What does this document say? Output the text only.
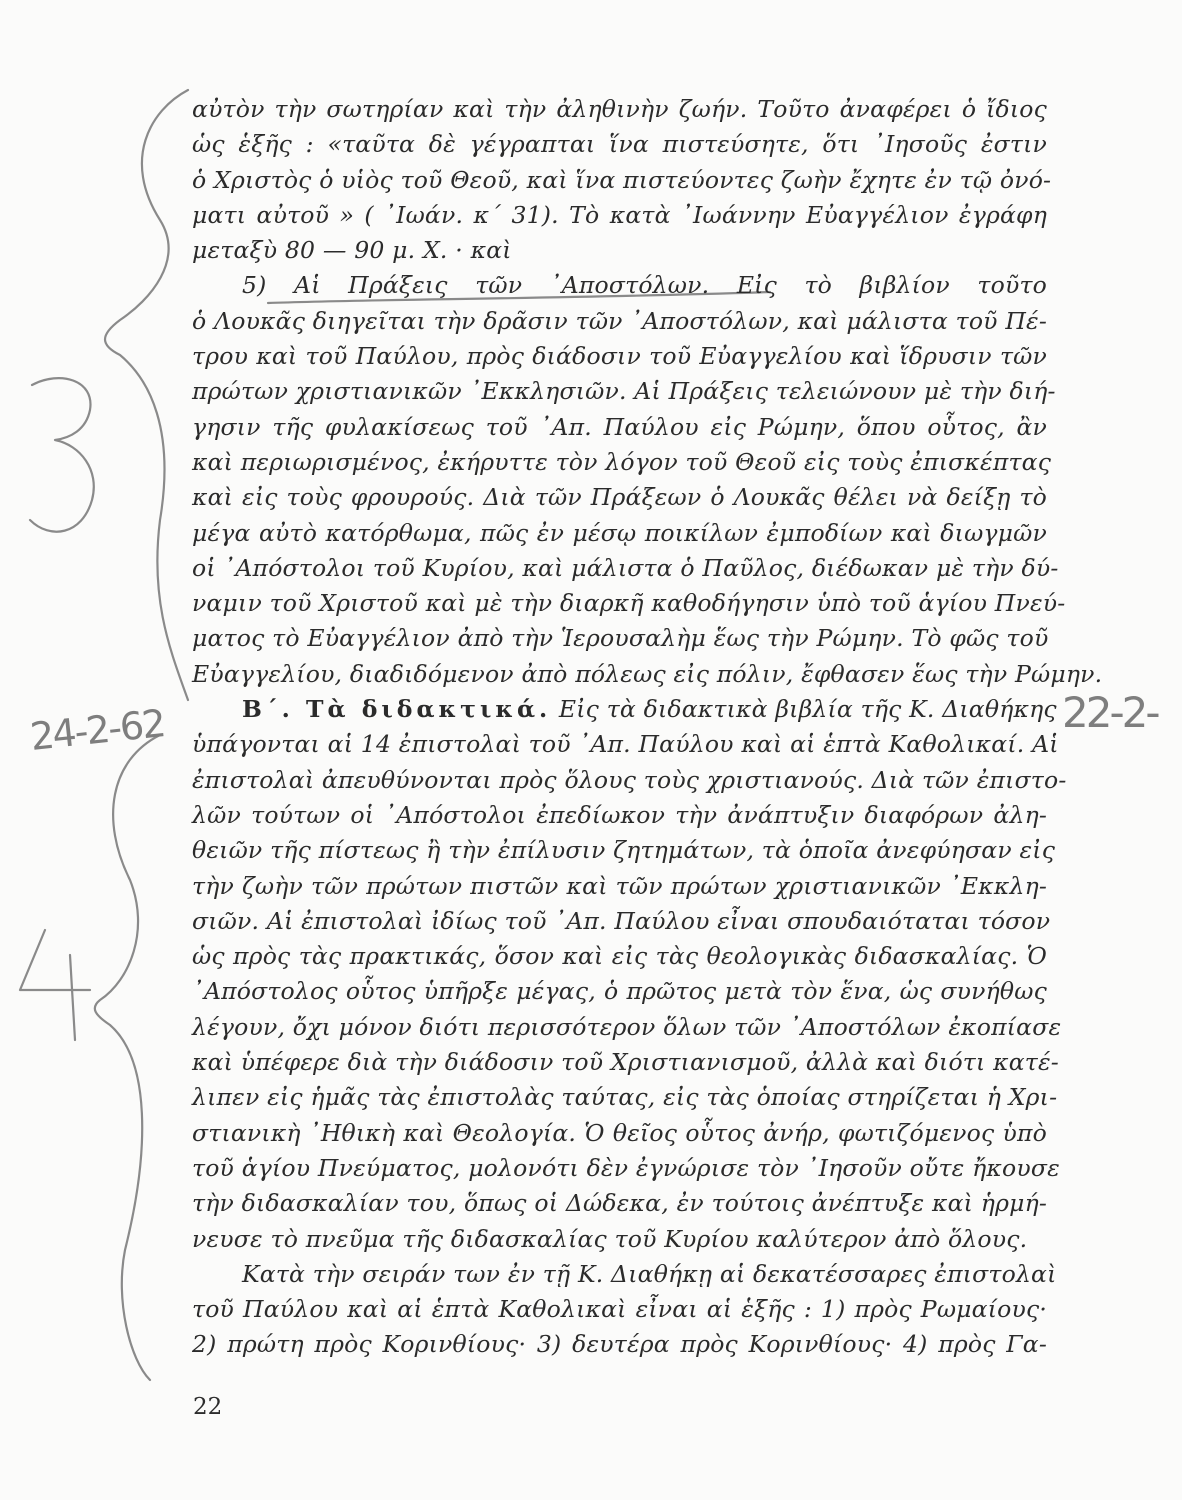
24-2-62	22-2-
αὐτὸν τὴν σωτηρίαν καὶ τὴν ἀληθινὴν ζωήν. Τοῦτο ἀναφέρει ὁ ἴδιος
ὡς ἑξῆς : «ταῦτα δὲ γέγραπται ἵνα πιστεύσητε, ὅτι ᾿Ιησοῦς ἐστιν
ὁ Χριστὸς ὁ υἱὸς τοῦ Θεοῦ, καὶ ἵνα πιστεύοντες ζωὴν ἔχητε ἐν τῷ ὀνό-
ματι αὐτοῦ » ( ᾿Ιωάν. κ΄ 31). Τὸ κατὰ ᾿Ιωάννην Εὐαγγέλιον ἐγράφη
μεταξὺ 80 — 90 μ. Χ. · καὶ
5) Αἱ Πράξεις τῶν ᾿Αποστόλων. Εἰς τὸ βιβλίον τοῦτο
ὁ Λουκᾶς διηγεῖται τὴν δρᾶσιν τῶν ᾿Αποστόλων, καὶ μάλιστα τοῦ Πέ-
τρου καὶ τοῦ Παύλου, πρὸς διάδοσιν τοῦ Εὐαγγελίου καὶ ἵδρυσιν τῶν
πρώτων χριστιανικῶν ᾿Εκκλησιῶν. Αἱ Πράξεις τελειώνουν μὲ τὴν διή-
γησιν τῆς φυλακίσεως τοῦ ᾿Απ. Παύλου εἰς Ρώμην, ὅπου οὗτος, ἂν
καὶ περιωρισμένος, ἐκήρυττε τὸν λόγον τοῦ Θεοῦ εἰς τοὺς ἐπισκέπτας
καὶ εἰς τοὺς φρουρούς. Διὰ τῶν Πράξεων ὁ Λουκᾶς θέλει νὰ δείξῃ τὸ
μέγα αὐτὸ κατόρθωμα, πῶς ἐν μέσῳ ποικίλων ἐμποδίων καὶ διωγμῶν
οἱ ᾿Απόστολοι τοῦ Κυρίου, καὶ μάλιστα ὁ Παῦλος, διέδωκαν μὲ τὴν δύ-
ναμιν τοῦ Χριστοῦ καὶ μὲ τὴν διαρκῆ καθοδήγησιν ὑπὸ τοῦ ἁγίου Πνεύ-
ματος τὸ Εὐαγγέλιον ἀπὸ τὴν Ἱερουσαλὴμ ἕως τὴν Ρώμην. Τὸ φῶς τοῦ
Εὐαγγελίου, διαδιδόμενον ἀπὸ πόλεως εἰς πόλιν, ἔφθασεν ἕως τὴν Ρώμην.
Β΄. Τὰ διδακτικά. Εἰς τὰ διδακτικὰ βιβλία τῆς Κ. Διαθήκης
ὑπάγονται αἱ 14 ἐπιστολαὶ τοῦ ᾿Απ. Παύλου καὶ αἱ ἑπτὰ Καθολικαί. Αἱ
ἐπιστολαὶ ἀπευθύνονται πρὸς ὅλους τοὺς χριστιανούς. Διὰ τῶν ἐπιστο-
λῶν τούτων οἱ ᾿Απόστολοι ἐπεδίωκον τὴν ἀνάπτυξιν διαφόρων ἀλη-
θειῶν τῆς πίστεως ἢ τὴν ἐπίλυσιν ζητημάτων, τὰ ὁποῖα ἀνεφύησαν εἰς
τὴν ζωὴν τῶν πρώτων πιστῶν καὶ τῶν πρώτων χριστιανικῶν ᾿Εκκλη-
σιῶν. Αἱ ἐπιστολαὶ ἰδίως τοῦ ᾿Απ. Παύλου εἶναι σπουδαιόταται τόσον
ὡς πρὸς τὰς πρακτικάς, ὅσον καὶ εἰς τὰς θεολογικὰς διδασκαλίας. Ὁ
᾿Απόστολος οὗτος ὑπῆρξε μέγας, ὁ πρῶτος μετὰ τὸν ἕνα, ὡς συνήθως
λέγουν, ὄχι μόνον διότι περισσότερον ὅλων τῶν ᾿Αποστόλων ἐκοπίασε
καὶ ὑπέφερε διὰ τὴν διάδοσιν τοῦ Χριστιανισμοῦ, ἀλλὰ καὶ διότι κατέ-
λιπεν εἰς ἡμᾶς τὰς ἐπιστολὰς ταύτας, εἰς τὰς ὁποίας στηρίζεται ἡ Χρι-
στιανικὴ ᾿Ηθικὴ καὶ Θεολογία. Ὁ θεῖος οὗτος ἀνήρ, φωτιζόμενος ὑπὸ
τοῦ ἁγίου Πνεύματος, μολονότι δὲν ἐγνώρισε τὸν ᾿Ιησοῦν οὔτε ἤκουσε
τὴν διδασκαλίαν του, ὅπως οἱ Δώδεκα, ἐν τούτοις ἀνέπτυξε καὶ ἡρμή-
νευσε τὸ πνεῦμα τῆς διδασκαλίας τοῦ Κυρίου καλύτερον ἀπὸ ὅλους.
Κατὰ τὴν σειράν των ἐν τῇ Κ. Διαθήκῃ αἱ δεκατέσσαρες ἐπιστολαὶ
τοῦ Παύλου καὶ αἱ ἑπτὰ Καθολικαὶ εἶναι αἱ ἑξῆς : 1) πρὸς Ρωμαίους·
2) πρώτη πρὸς Κορινθίους· 3) δευτέρα πρὸς Κορινθίους· 4) πρὸς Γα-
22
